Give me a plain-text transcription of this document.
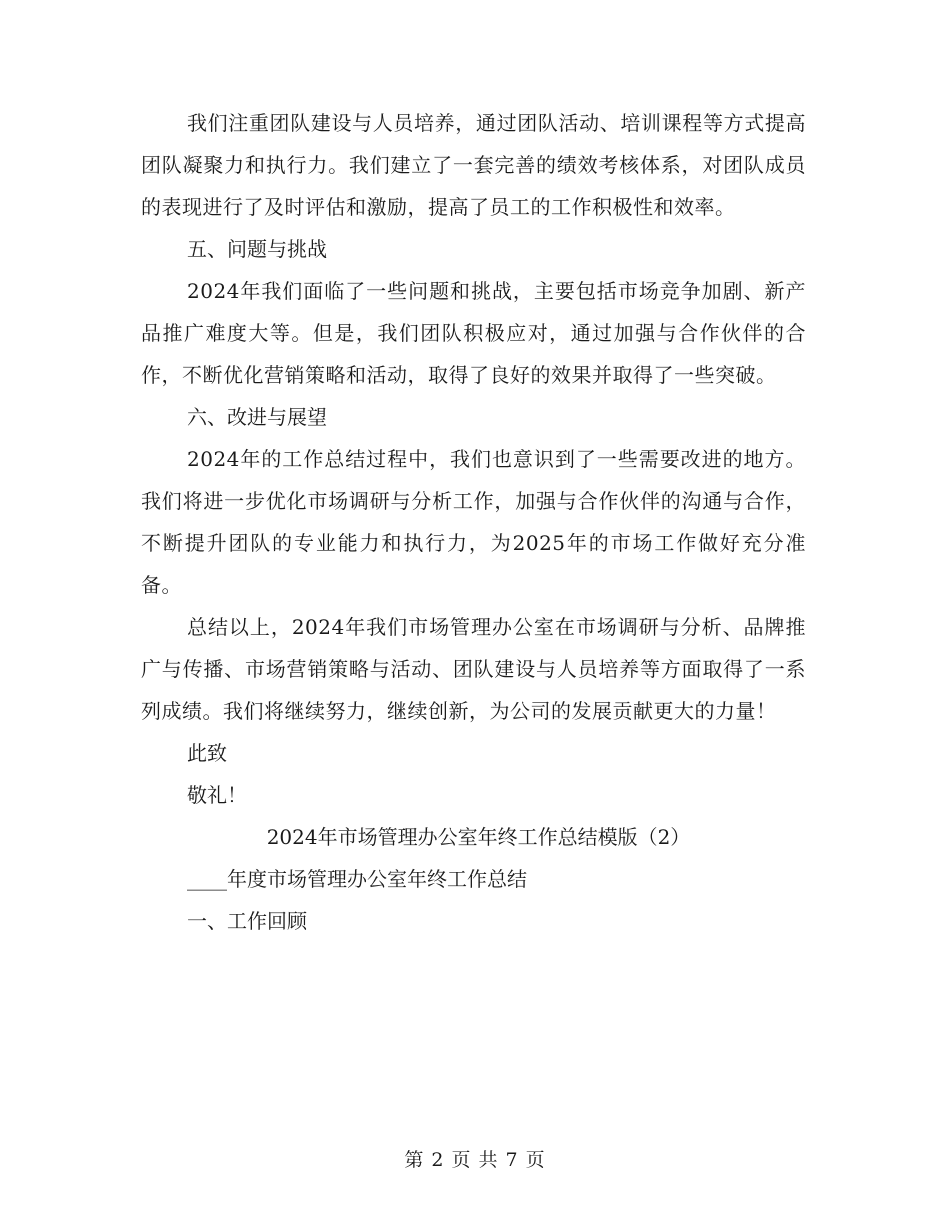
我们注重团队建设与人员培养，通过团队活动、培训课程等方式提高团队凝聚力和执行力。我们建立了一套完善的绩效考核体系，对团队成员的表现进行了及时评估和激励，提高了员工的工作积极性和效率。

五、问题与挑战

2024年我们面临了一些问题和挑战，主要包括市场竞争加剧、新产品推广难度大等。但是，我们团队积极应对，通过加强与合作伙伴的合作，不断优化营销策略和活动，取得了良好的效果并取得了一些突破。

六、改进与展望

2024年的工作总结过程中，我们也意识到了一些需要改进的地方。我们将进一步优化市场调研与分析工作，加强与合作伙伴的沟通与合作，不断提升团队的专业能力和执行力，为2025年的市场工作做好充分准备。

总结以上，2024年我们市场管理办公室在市场调研与分析、品牌推广与传播、市场营销策略与活动、团队建设与人员培养等方面取得了一系列成绩。我们将继续努力，继续创新，为公司的发展贡献更大的力量！

此致

敬礼！

2024年市场管理办公室年终工作总结模版（2）

____年度市场管理办公室年终工作总结

一、工作回顾

第 2 页 共 7 页
